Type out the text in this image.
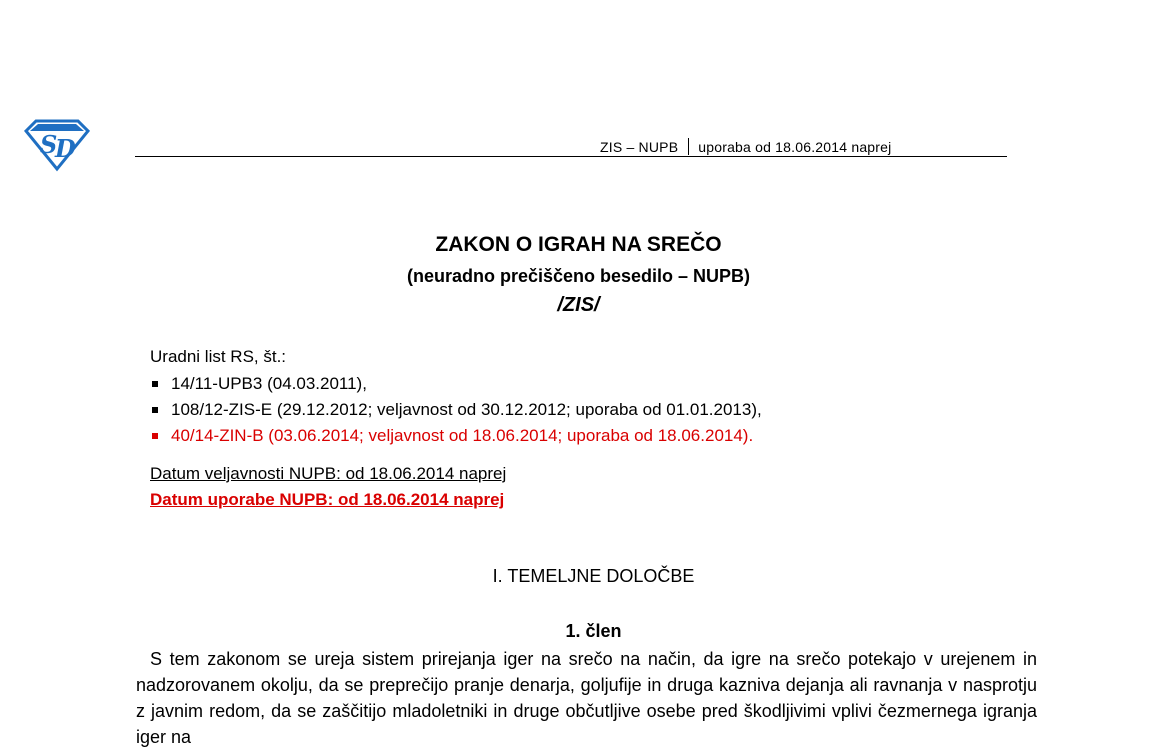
S
D	ZIS – NUPB uporaba od 18.06.2014 naprej
ZAKON O IGRAH NA SREČO
(neuradno prečiščeno besedilo – NUPB)
/ZIS/
Uradni list RS, št.:
14/11-UPB3 (04.03.2011),
108/12-ZIS-E (29.12.2012; veljavnost od 30.12.2012; uporaba od 01.01.2013),
40/14-ZIN-B (03.06.2014; veljavnost od 18.06.2014; uporaba od 18.06.2014).
Datum veljavnosti NUPB: od 18.06.2014 naprej
Datum uporabe NUPB: od 18.06.2014 naprej
I. TEMELJNE DOLOČBE
1. člen

S tem zakonom se ureja sistem prirejanja iger na srečo na način, da igre na srečo potekajo v urejenem in nadzorovanem okolju, da se preprečijo pranje denarja, goljufije in druga kazniva dejanja ali ravnanja v nasprotju z javnim redom, da se zaščitijo mladoletniki in druge občutljive osebe pred škodljivimi vplivi čezmernega igranja iger na
